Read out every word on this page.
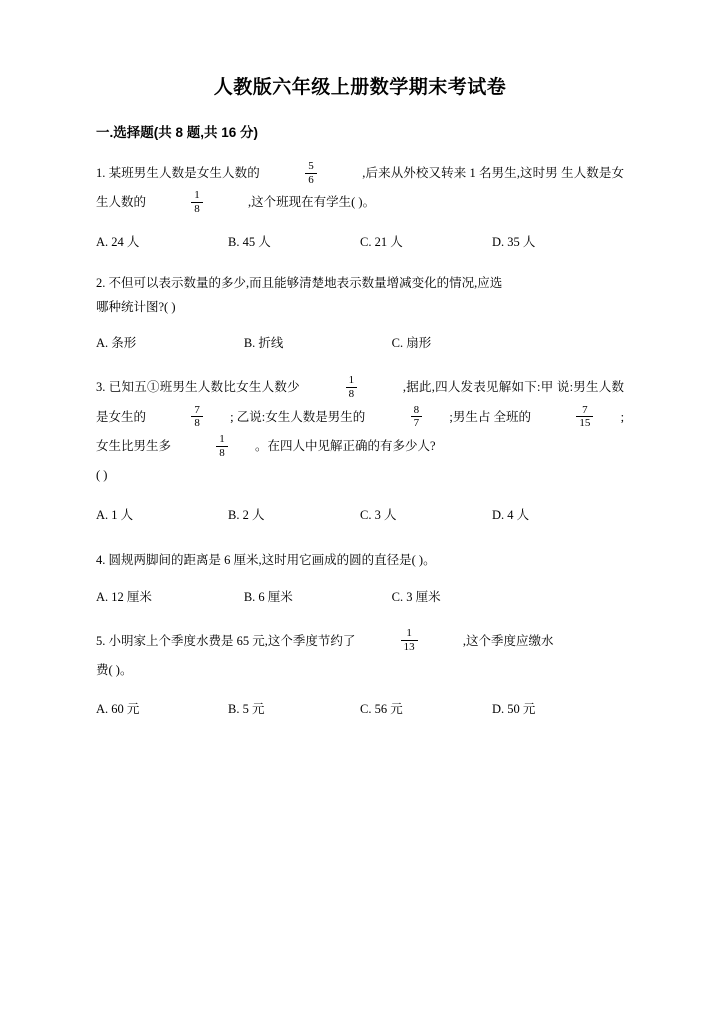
人教版六年级上册数学期末考试卷
一.选择题(共 8 题,共 16 分)
1. 某班男生人数是女生人数的	$\frac{5}{6}$	,后来从外校又转来 1 名男生,这时男 生人数是女生人数的	$\frac{1}{8}$	,这个班现在有学生( )。
A. 24 人	B. 45 人	C. 21 人	D. 35 人
2. 不但可以表示数量的多少,而且能够清楚地表示数量增减变化的情况,应选
哪种统计图?( )
A. 条形	B. 折线	C. 扇形
3. 已知五①班男生人数比女生人数少	$\frac{1}{8}$	,据此,四人发表见解如下:甲 说:男生人数是女生的	$\frac{7}{8}$ ; 乙说:女生人数是男生的	$\frac{8}{7}$ ;男生占 全班的	$\frac{7}{15}$ ;女生比男生多	$\frac{1}{8}$ 。在四人中见解正确的有多少人?
( )
A. 1 人	B. 2 人	C. 3 人	D. 4 人
4. 圆规两脚间的距离是 6 厘米,这时用它画成的圆的直径是( )。
A. 12 厘米	B. 6 厘米	C. 3 厘米
5. 小明家上个季度水费是 65 元,这个季度节约了	$\frac{1}{13}$	,这个季度应缴水
费( )。
A. 60 元	B. 5 元	C. 56 元	D. 50 元
